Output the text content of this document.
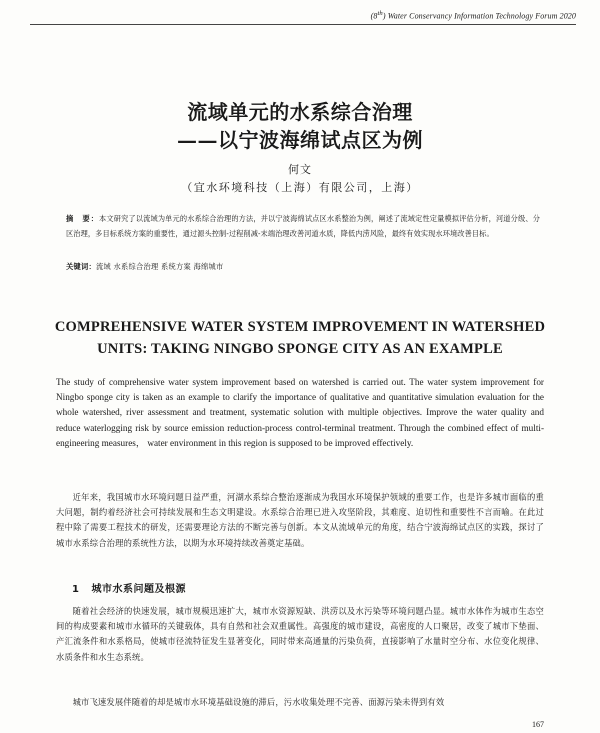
(8th) Water Conservancy Information Technology Forum 2020
流域单元的水系综合治理
——以宁波海绵试点区为例
何文
（宜水环境科技（上海）有限公司，上海）
摘　要：本文研究了以流域为单元的水系综合治理的方法，并以宁波海绵试点区水系整治为例，阐述了流域定性定量模拟评估分析，河道分级、分区治理，多目标系统方案的重要性，通过源头控制-过程削减-末端治理改善河道水质，降低内涝风险，最终有效实现水环境改善目标。
关键词：流域 水系综合治理 系统方案 海绵城市
COMPREHENSIVE WATER SYSTEM IMPROVEMENT IN WATERSHED
UNITS: TAKING NINGBO SPONGE CITY AS AN EXAMPLE
The study of comprehensive water system improvement based on watershed is carried out. The water system improvement for Ningbo sponge city is taken as an example to clarify the importance of qualitative and quantitative simulation evaluation for the whole watershed, river assessment and treatment, systematic solution with multiple objectives. Improve the water quality and reduce waterlogging risk by source emission reduction-process control-terminal treatment. Through the combined effect of multi-engineering measures， water environment in this region is supposed to be improved effectively.

近年来，我国城市水环境问题日益严重，河湖水系综合整治逐渐成为我国水环境保护领域的重要工作，也是许多城市面临的重大问题，制约着经济社会可持续发展和生态文明建设。水系综合治理已进入攻坚阶段，其难度、迫切性和重要性不言而喻。在此过程中除了需要工程技术的研发，还需要理论方法的不断完善与创新。本文从流域单元的角度，结合宁波海绵试点区的实践，探讨了城市水系综合治理的系统性方法，以期为水环境持续改善奠定基础。

1 城市水系问题及根源

随着社会经济的快速发展，城市规模迅速扩大，城市水资源短缺、洪涝以及水污染等环境问题凸显。城市水体作为城市生态空间的构成要素和城市水循环的关键载体，具有自然和社会双重属性。高强度的城市建设，高密度的人口聚居，改变了城市下垫面、产汇流条件和水系格局，使城市径流特征发生显著变化，同时带来高通量的污染负荷，直接影响了水量时空分布、水位变化规律、水质条件和水生态系统。

城市飞速发展伴随着的却是城市水环境基础设施的滞后，污水收集处理不完善、面源污染未得到有效

167
